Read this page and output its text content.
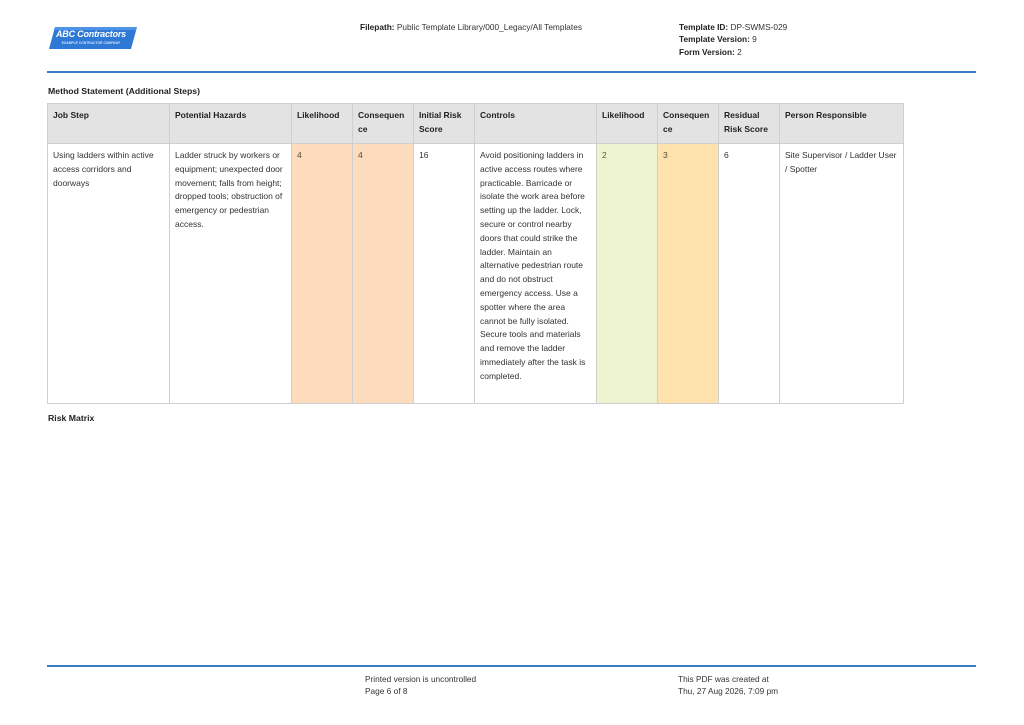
ABC Contractors
EXAMPLE CONTRACTOR COMPANY
Filepath: Public Template Library/000_Legacy/All Templates	Template ID: DP-SWMS-029
Template Version: 9
Form Version: 2
Method Statement (Additional Steps)
Job Step	Potential Hazards	Likelihood	Consequence	Initial Risk Score	Controls	Likelihood	Consequence	Residual Risk Score	Person Responsible
Using ladders within active access corridors and doorways	Ladder struck by workers or equipment; unexpected door movement; falls from height; dropped tools; obstruction of emergency or pedestrian access.	4	4	16	Avoid positioning ladders in active access routes where practicable. Barricade or isolate the work area before setting up the ladder. Lock, secure or control nearby doors that could strike the ladder. Maintain an alternative pedestrian route and do not obstruct emergency access. Use a spotter where the area cannot be fully isolated. Secure tools and materials and remove the ladder immediately after the task is completed.	2	3	6	Site Supervisor / Ladder User / Spotter
Risk Matrix
Printed version is uncontrolled
Page 6 of 8
This PDF was created at
Thu, 27 Aug 2026, 7:09 pm
